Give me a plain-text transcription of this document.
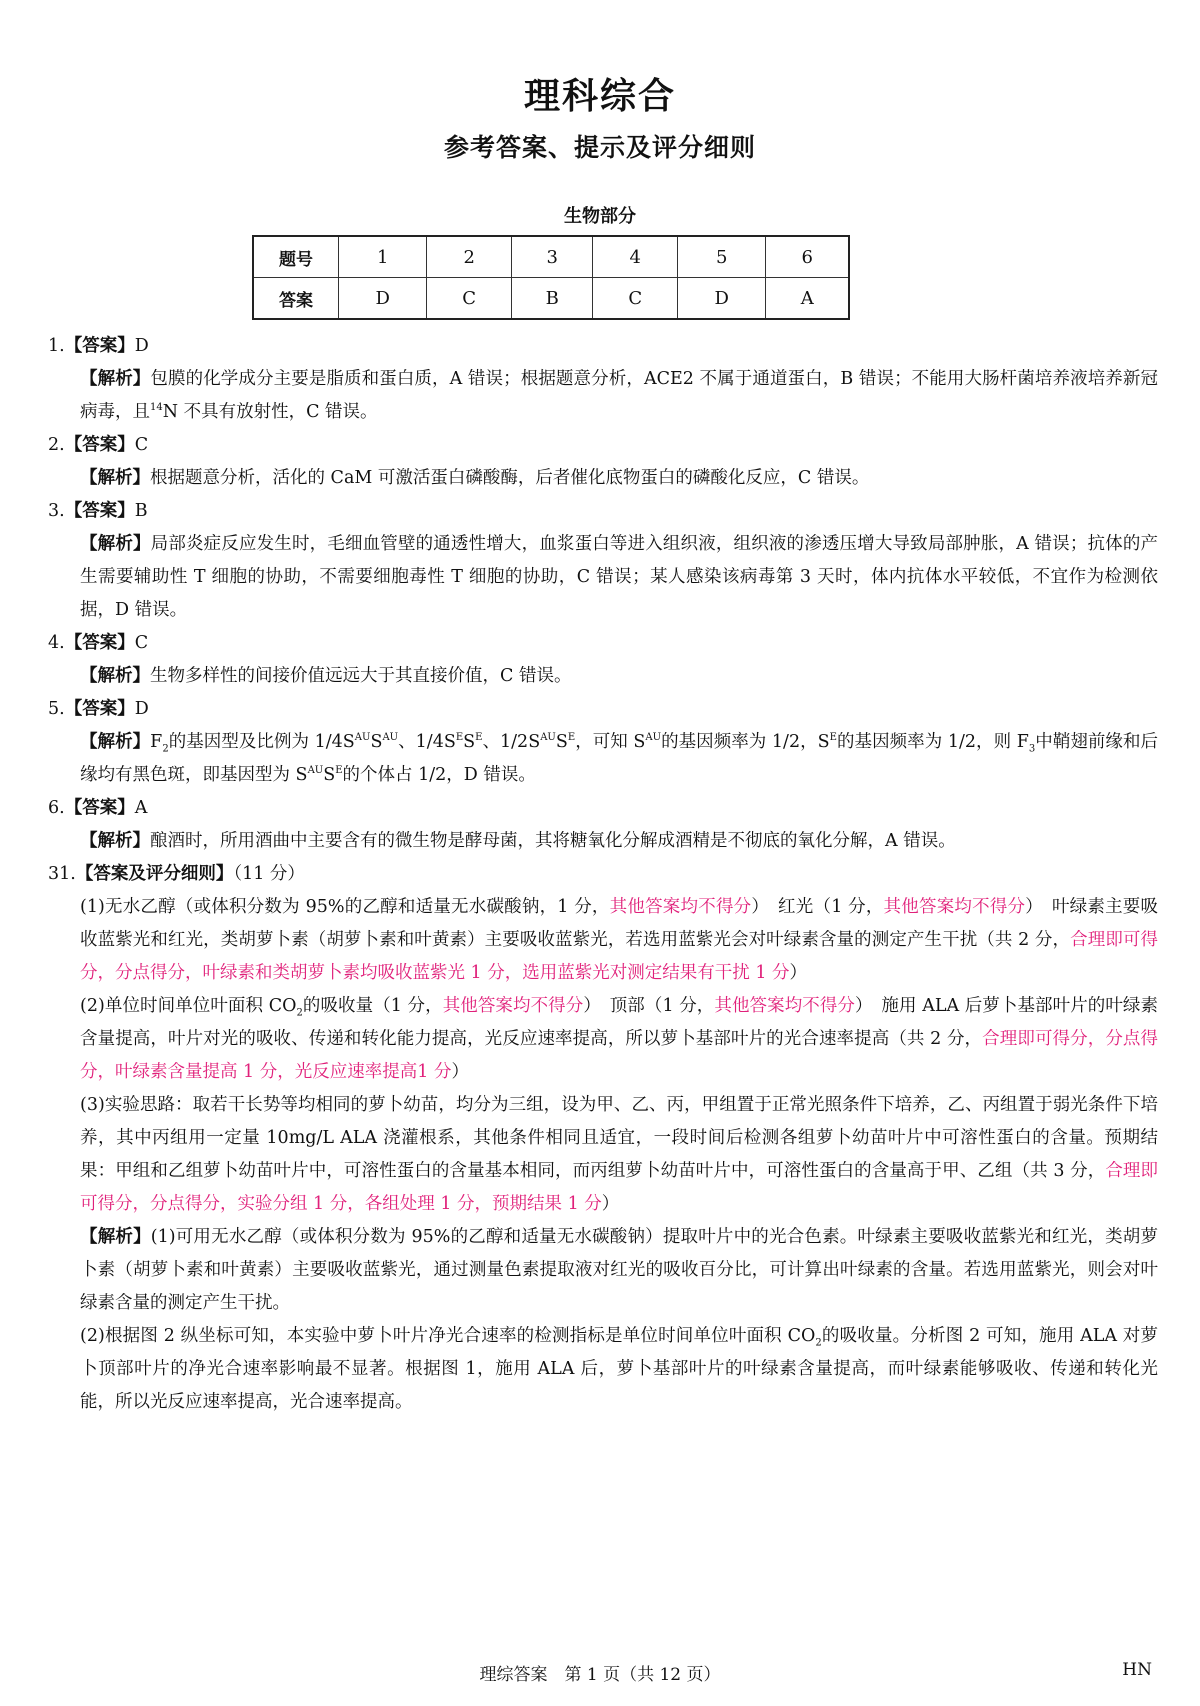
理科综合
参考答案、提示及评分细则
生物部分
题号	1	2	3	4	5	6
答案	D	C	B	C	D	A

1.【答案】D

【解析】包膜的化学成分主要是脂质和蛋白质，A 错误；根据题意分析，ACE2 不属于通道蛋白，B 错误；不能用大肠杆菌培养液培养新冠病毒，且$^{14}$N 不具有放射性，C 错误。

2.【答案】C

【解析】根据题意分析，活化的 CaM 可激活蛋白磷酸酶，后者催化底物蛋白的磷酸化反应，C 错误。

3.【答案】B

【解析】局部炎症反应发生时，毛细血管壁的通透性增大，血浆蛋白等进入组织液，组织液的渗透压增大导致局部肿胀，A 错误；抗体的产生需要辅助性 T 细胞的协助，不需要细胞毒性 T 细胞的协助，C 错误；某人感染该病毒第 3 天时，体内抗体水平较低，不宜作为检测依据，D 错误。

4.【答案】C

【解析】生物多样性的间接价值远远大于其直接价值，C 错误。

5.【答案】D

【解析】$F_2$的基因型及比例为 $1/4S^{AU}S^{AU}$、$1/4S^ES^E$、$1/2S^{AU}S^E$，可知 $S^{AU}$的基因频率为 1/2，$S^E$的基因频率为 1/2，则 $F_3$中鞘翅前缘和后缘均有黑色斑，即基因型为 $S^{AU}S^E$的个体占 1/2，D 错误。

6.【答案】A

【解析】酿酒时，所用酒曲中主要含有的微生物是酵母菌，其将糖氧化分解成酒精是不彻底的氧化分解，A 错误。

31.【答案及评分细则】（11 分）

(1)无水乙醇（或体积分数为 95%的乙醇和适量无水碳酸钠，1 分，其他答案均不得分）　红光（1 分，其他答案均不得分）　叶绿素主要吸收蓝紫光和红光，类胡萝卜素（胡萝卜素和叶黄素）主要吸收蓝紫光，若选用蓝紫光会对叶绿素含量的测定产生干扰（共 2 分，合理即可得分，分点得分，叶绿素和类胡萝卜素均吸收蓝紫光 1 分，选用蓝紫光对测定结果有干扰 1 分）

(2)单位时间单位叶面积 $CO_2$的吸收量（1 分，其他答案均不得分）　顶部（1 分，其他答案均不得分）　施用 ALA 后萝卜基部叶片的叶绿素含量提高，叶片对光的吸收、传递和转化能力提高，光反应速率提高，所以萝卜基部叶片的光合速率提高（共 2 分，合理即可得分，分点得分，叶绿素含量提高 1 分，光反应速率提高1 分）

(3)实验思路：取若干长势等均相同的萝卜幼苗，均分为三组，设为甲、乙、丙，甲组置于正常光照条件下培养，乙、丙组置于弱光条件下培养，其中丙组用一定量 10mg/L ALA 浇灌根系，其他条件相同且适宜，一段时间后检测各组萝卜幼苗叶片中可溶性蛋白的含量。预期结果：甲组和乙组萝卜幼苗叶片中，可溶性蛋白的含量基本相同，而丙组萝卜幼苗叶片中，可溶性蛋白的含量高于甲、乙组（共 3 分，合理即可得分，分点得分，实验分组 1 分，各组处理 1 分，预期结果 1 分）

【解析】(1)可用无水乙醇（或体积分数为 95%的乙醇和适量无水碳酸钠）提取叶片中的光合色素。叶绿素主要吸收蓝紫光和红光，类胡萝卜素（胡萝卜素和叶黄素）主要吸收蓝紫光，通过测量色素提取液对红光的吸收百分比，可计算出叶绿素的含量。若选用蓝紫光，则会对叶绿素含量的测定产生干扰。

(2)根据图 2 纵坐标可知，本实验中萝卜叶片净光合速率的检测指标是单位时间单位叶面积 $CO_2$的吸收量。分析图 2 可知，施用 ALA 对萝卜顶部叶片的净光合速率影响最不显著。根据图 1，施用 ALA 后，萝卜基部叶片的叶绿素含量提高，而叶绿素能够吸收、传递和转化光能，所以光反应速率提高，光合速率提高。

理综答案　第 1 页（共 12 页）	HN
